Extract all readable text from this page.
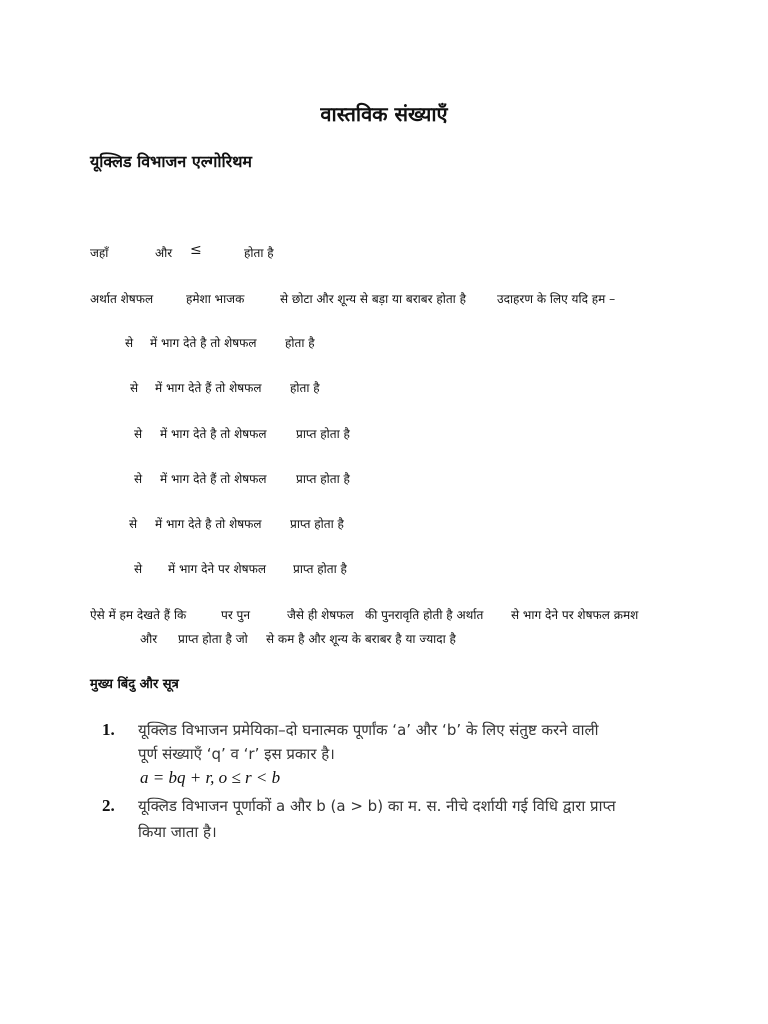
वास्तविक संख्याएँ
यूक्लिड विभाजन एल्गोरिथम
जहाँ	और ≤	होता है
अर्थात शेषफल	हमेशा भाजक	से छोटा और शून्य से बड़ा या बराबर होता है	उदाहरण के लिए यदि हम –
से में भाग देते है तो शेषफल होता है
से में भाग देते हैं तो शेषफल होता है
से में भाग देते है तो शेषफल प्राप्त होता है
से में भाग देते हैं तो शेषफल प्राप्त होता है
से में भाग देते है तो शेषफल प्राप्त होता है
से में भाग देने पर शेषफल प्राप्त होता है
ऐसे में हम देखते हैं कि	पर पुन	जैसे ही शेषफल की पुनरावृति होती है अर्थात से भाग देने पर शेषफल क्रमश
और प्राप्त होता है जो से कम है और शून्य के बराबर है या ज्यादा है
मुख्य बिंदु और सूत्र
1. यूक्लिड विभाजन प्रमेयिका–दो घनात्मक पूर्णांक ‘a’ और ‘b’ के लिए संतुष्ट करने वाली
पूर्ण संख्याएँ ‘q’ व ‘r’ इस प्रकार है।
a = bq + r, o ≤ r < b
2. यूक्लिड विभाजन पूर्णाकों a और b (a > b) का म. स. नीचे दर्शायी गई विधि द्वारा प्राप्त
किया जाता है।
